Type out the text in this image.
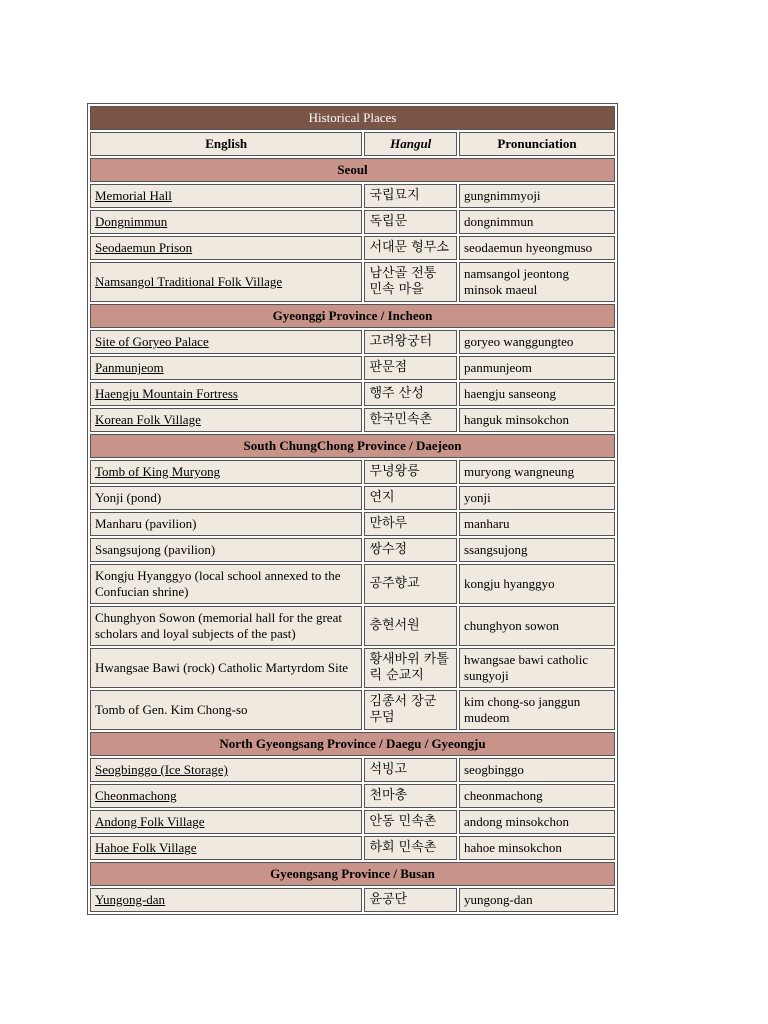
Historical Places		
English	Hangul	Pronunciation
Seoul		
Memorial Hall	국립묘지	gungnimmyoji
Dongnimmun	독립문	dongnimmun
Seodaemun Prison	서대문 형무소	seodaemun hyeongmuso
Namsangol Traditional Folk Village	남산골 전통 민속 마을	namsangol jeontong minsok maeul
Gyeonggi Province / Incheon		
Site of Goryeo Palace	고려왕궁터	goryeo wanggungteo
Panmunjeom	판문점	panmunjeom
Haengju Mountain Fortress	행주 산성	haengju sanseong
Korean Folk Village	한국민속촌	hanguk minsokchon
South ChungChong Province / Daejeon		
Tomb of King Muryong	무녕왕릉	muryong wangneung
Yonji (pond)	연지	yonji
Manharu (pavilion)	만하루	manharu
Ssangsujong (pavilion)	쌍수정	ssangsujong
Kongju Hyanggyo (local school annexed to the Confucian shrine)	공주향교	kongju hyanggyo
Chunghyon Sowon (memorial hall for the great scholars and loyal subjects of the past)	충현서원	chunghyon sowon
Hwangsae Bawi (rock) Catholic Martyrdom Site	황새바위 카톨릭 순교지	hwangsae bawi catholic sungyoji
Tomb of Gen. Kim Chong-so	김종서 장군 무덤	kim chong-so janggun mudeom
North Gyeongsang Province / Daegu / Gyeongju		
Seogbinggo (Ice Storage)	석빙고	seogbinggo
Cheonmachong	천마총	cheonmachong
Andong Folk Village	안동 민속촌	andong minsokchon
Hahoe Folk Village	하회 민속촌	hahoe minsokchon
Gyeongsang Province / Busan		
Yungong-dan	윤공단	yungong-dan
